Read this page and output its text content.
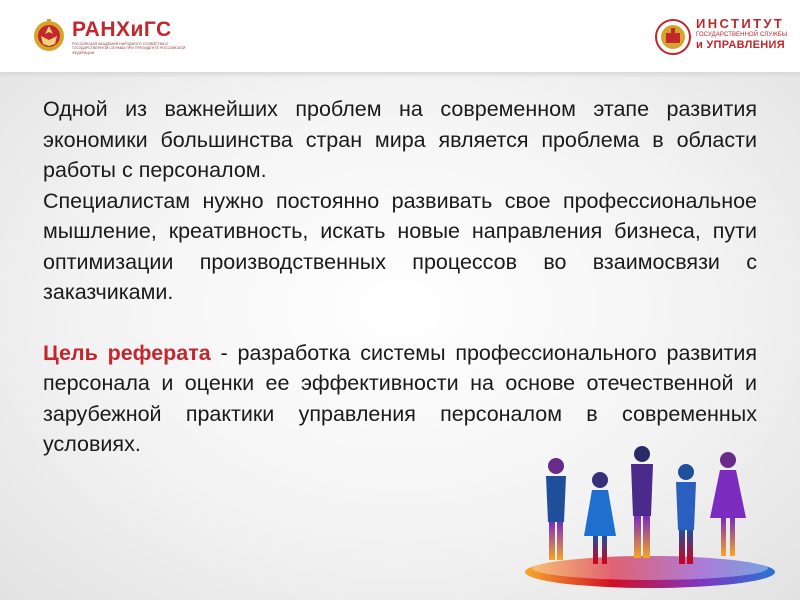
РАНХиГС
РОССИЙСКАЯ АКАДЕМИЯ НАРОДНОГО ХОЗЯЙСТВА И ГОСУДАРСТВЕННОЙ СЛУЖБЫ ПРИ ПРЕЗИДЕНТЕ РОССИЙСКОЙ ФЕДЕРАЦИИ
ИНСТИТУТ
ГОСУДАРСТВЕННОЙ СЛУЖБЫ
и УПРАВЛЕНИЯ

Одной из важнейших проблем на современном этапе развития экономики большинства стран мира является проблема в области работы с персоналом.

Специалистам нужно постоянно развивать свое профессиональное мышление, креативность, искать новые направления бизнеса, пути оптимизации производственных процессов во взаимосвязи с заказчиками.

Цель реферата - разработка системы профессионального развития персонала и оценки ее эффективности на основе отечественной и зарубежной практики управления персоналом в современных условиях.
